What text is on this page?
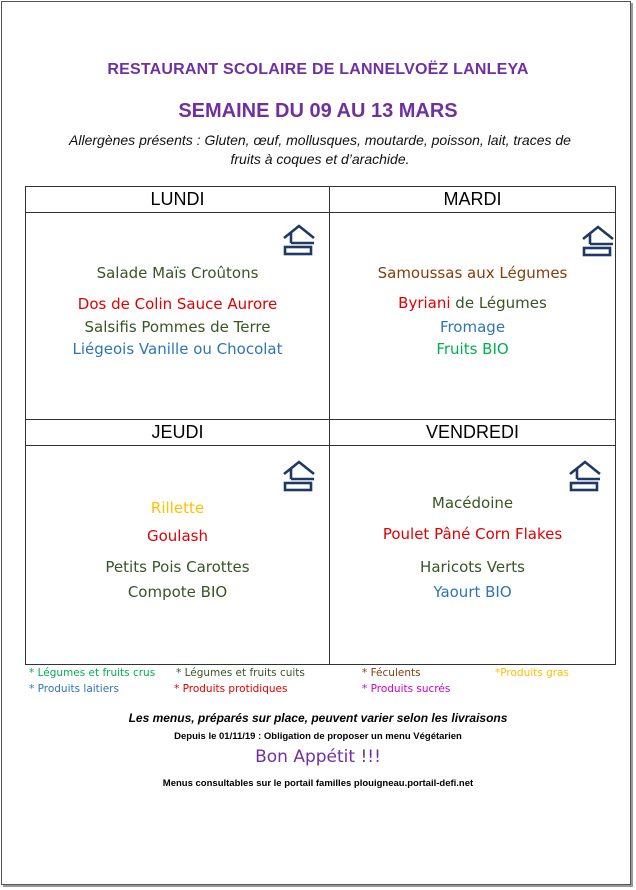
RESTAURANT SCOLAIRE DE LANNELVOËZ LANLEYA
SEMAINE DU 09 AU 13 MARS
Allergènes présents : Gluten, œuf, mollusques, moutarde, poisson, lait, traces de
fruits à coques et d’arachide.
LUNDI	MARDI
JEUDI	VENDREDI
Salade Maïs Croûtons
Dos de Colin Sauce Aurore
Salsifis Pommes de Terre
Liégeois Vanille ou Chocolat
Samoussas aux Légumes
Byriani de Légumes
Fromage
Fruits BIO
Rillette
Goulash
Petits Pois Carottes
Compote BIO
Macédoine
Poulet Pâné Corn Flakes
Haricots Verts
Yaourt BIO
* Légumes et fruits crus * Légumes et fruits cuits	* Féculents	*Produits gras
* Produits laitiers	* Produits protidiques	* Produits sucrés
Les menus, préparés sur place, peuvent varier selon les livraisons
Depuis le 01/11/19 : Obligation de proposer un menu Végétarien
Bon Appétit !!!
Menus consultables sur le portail familles plouigneau.portail-defi.net
